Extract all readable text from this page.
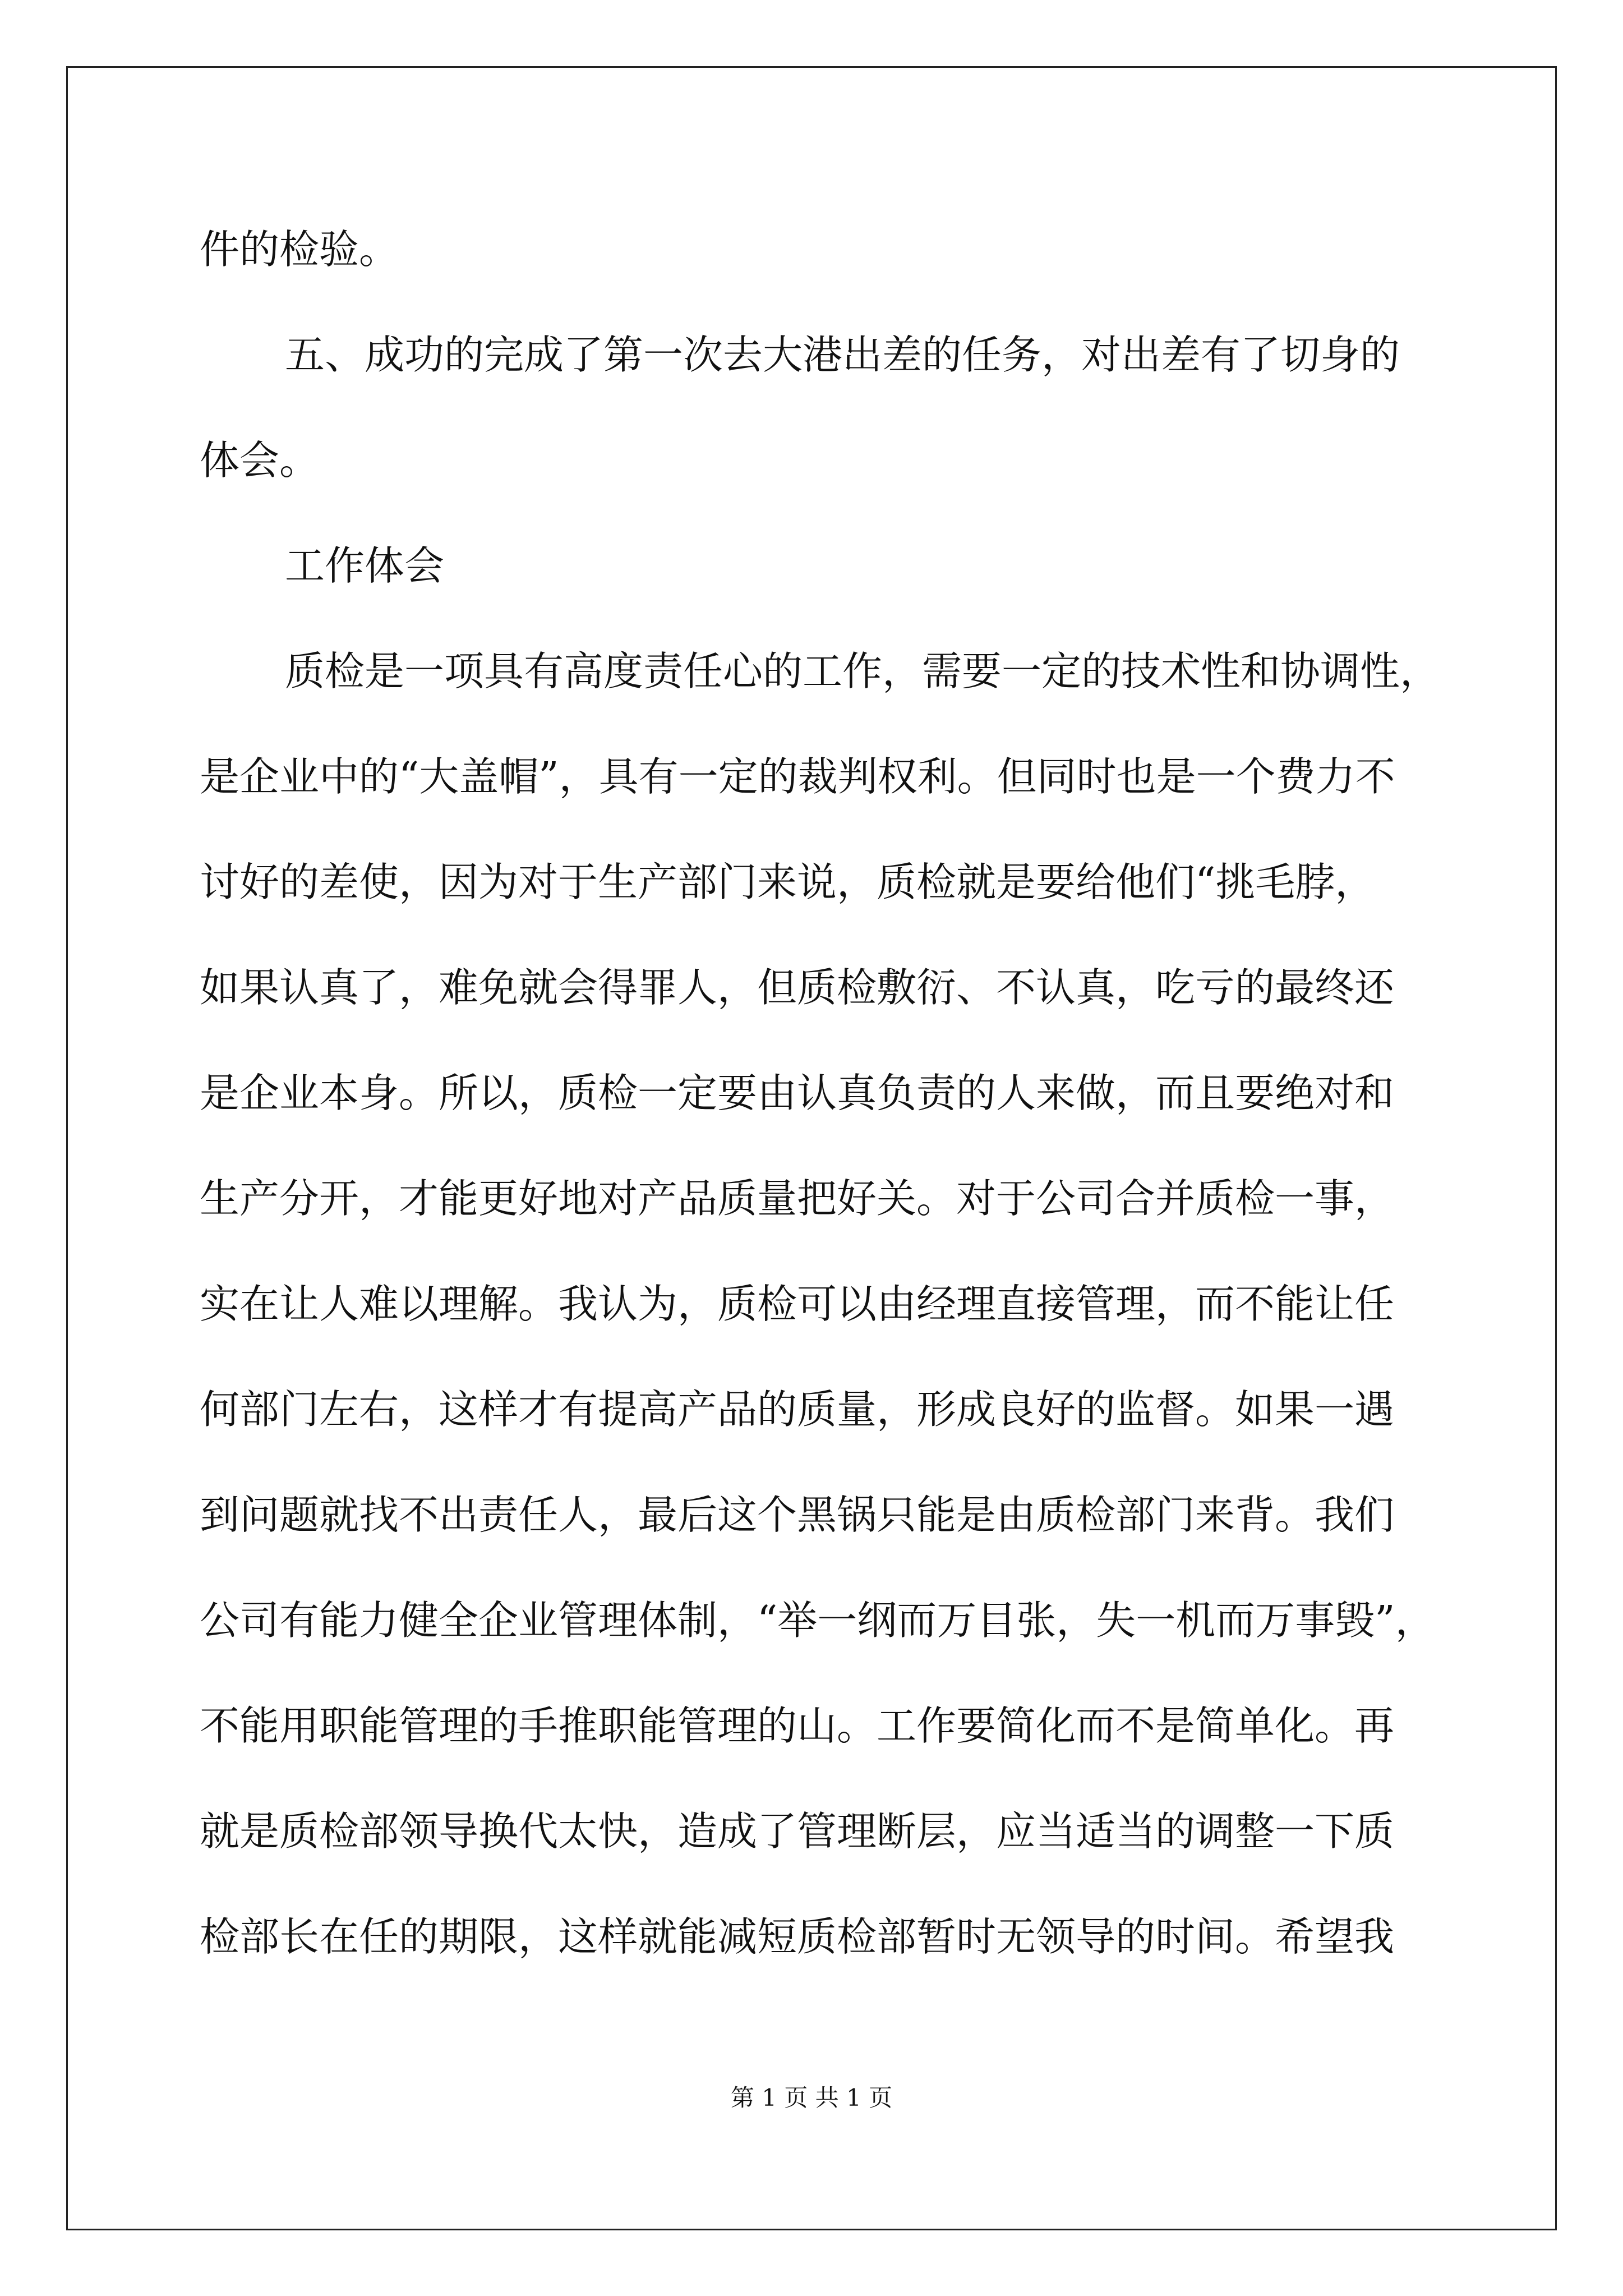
件的检验。
五、成功的完成了第一次去大港出差的任务，对出差有了切身的
体会。
工作体会
质检是一项具有高度责任心的工作，需要一定的技术性和协调性，
是企业中的“大盖帽”，具有一定的裁判权利。但同时也是一个费力不
讨好的差使，因为对于生产部门来说，质检就是要给他们“挑毛脖，
如果认真了，难免就会得罪人，但质检敷衍、不认真，吃亏的最终还
是企业本身。所以，质检一定要由认真负责的人来做，而且要绝对和
生产分开，才能更好地对产品质量把好关。对于公司合并质检一事，
实在让人难以理解。我认为，质检可以由经理直接管理，而不能让任
何部门左右，这样才有提高产品的质量，形成良好的监督。如果一遇
到问题就找不出责任人，最后这个黑锅只能是由质检部门来背。我们
公司有能力健全企业管理体制，“举一纲而万目张，失一机而万事毁”，
不能用职能管理的手推职能管理的山。工作要简化而不是简单化。再
就是质检部领导换代太快，造成了管理断层，应当适当的调整一下质
检部长在任的期限，这样就能减短质检部暂时无领导的时间。希望我
第 1 页 共 1 页
